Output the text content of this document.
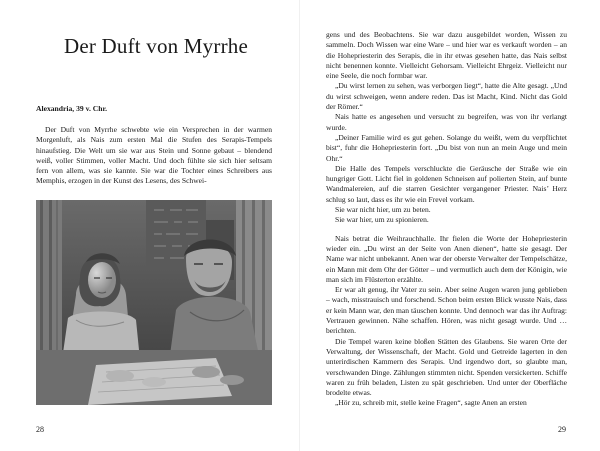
Der Duft von Myrrhe
Alexandria, 39 v. Chr.

Der Duft von Myrrhe schwebte wie ein Versprechen in der warmen Morgenluft, als Nais zum ersten Mal die Stufen des Serapis-Tempels hinaufstieg. Die Welt um sie war aus Stein und Sonne gebaut – blendend weiß, voller Stimmen, voller Macht. Und doch fühlte sie sich hier seltsam fern von allem, was sie kannte. Sie war die Tochter eines Schreibers aus Memphis, erzogen in der Kunst des Lesens, des Schwei-

28

gens und des Beobachtens. Sie war dazu ausgebildet worden, Wissen zu sammeln. Doch Wissen war eine Ware – und hier war es verkauft worden – an die Hohepriesterin des Serapis, die in ihr etwas gesehen hatte, das Nais selbst nicht benennen konnte. Vielleicht Gehorsam. Vielleicht Ehrgeiz. Vielleicht nur eine Seele, die noch formbar war.

„Du wirst lernen zu sehen, was verborgen liegt“, hatte die Alte gesagt. „Und du wirst schweigen, wenn andere reden. Das ist Macht, Kind. Nicht das Gold der Römer.“

Nais hatte es angesehen und versucht zu begreifen, was von ihr verlangt wurde.

„Deiner Familie wird es gut gehen. Solange du weißt, wem du verpflichtet bist“, fuhr die Hohepriesterin fort. „Du bist von nun an mein Auge und mein Ohr.“

Die Halle des Tempels verschluckte die Geräusche der Straße wie ein hungriger Gott. Licht fiel in goldenen Schneisen auf polierten Stein, auf bunte Wandmalereien, auf die starren Gesichter vergangener Priester. Nais’ Herz schlug so laut, dass es ihr wie ein Frevel vorkam.

Sie war nicht hier, um zu beten.

Sie war hier, um zu spionieren.

Nais betrat die Weihrauchhalle. Ihr fielen die Worte der Hohepriesterin wieder ein. „Du wirst an der Seite von Anen dienen“, hatte sie gesagt. Der Name war nicht unbekannt. Anen war der oberste Verwalter der Tempelschätze, ein Mann mit dem Ohr der Götter – und vermutlich auch dem der Königin, wie man sich im Flüsterton erzählte.

Er war alt genug, ihr Vater zu sein. Aber seine Augen waren jung geblieben – wach, misstrauisch und forschend. Schon beim ersten Blick wusste Nais, dass er kein Mann war, den man täuschen konnte. Und dennoch war das ihr Auftrag: Vertrauen gewinnen. Nähe schaffen. Hören, was nicht gesagt wurde. Und … berichten.

Die Tempel waren keine bloßen Stätten des Glaubens. Sie waren Orte der Verwaltung, der Wissenschaft, der Macht. Gold und Getreide lagerten in den unterirdischen Kammern des Serapis. Und irgendwo dort, so glaubte man, verschwanden Dinge. Zählungen stimmten nicht. Spenden versickerten. Schiffe waren zu früh beladen, Listen zu spät geschrieben. Und unter der Oberfläche brodelte etwas.

„Hör zu, schreib mit, stelle keine Fragen“, sagte Anen an ersten

29
